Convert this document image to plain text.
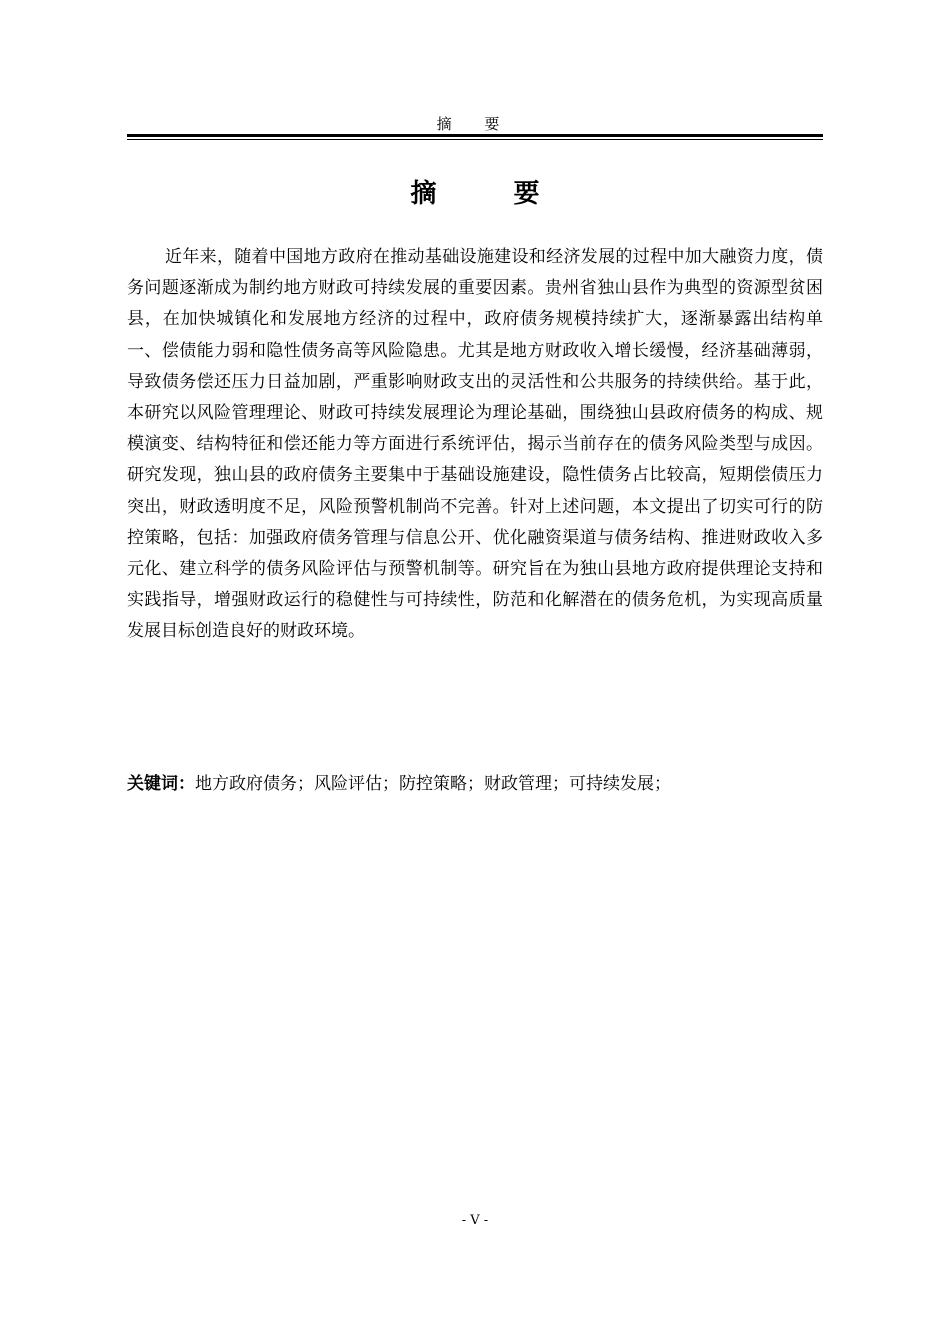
摘 要
摘 要

近年来，随着中国地方政府在推动基础设施建设和经济发展的过程中加大融资力度，债务问题逐渐成为制约地方财政可持续发展的重要因素。贵州省独山县作为典型的资源型贫困县，在加快城镇化和发展地方经济的过程中，政府债务规模持续扩大，逐渐暴露出结构单一、偿债能力弱和隐性债务高等风险隐患。尤其是地方财政收入增长缓慢，经济基础薄弱，导致债务偿还压力日益加剧，严重影响财政支出的灵活性和公共服务的持续供给。基于此，本研究以风险管理理论、财政可持续发展理论为理论基础，围绕独山县政府债务的构成、规模演变、结构特征和偿还能力等方面进行系统评估，揭示当前存在的债务风险类型与成因。研究发现，独山县的政府债务主要集中于基础设施建设，隐性债务占比较高，短期偿债压力突出，财政透明度不足，风险预警机制尚不完善。针对上述问题，本文提出了切实可行的防控策略，包括：加强政府债务管理与信息公开、优化融资渠道与债务结构、推进财政收入多元化、建立科学的债务风险评估与预警机制等。研究旨在为独山县地方政府提供理论支持和实践指导，增强财政运行的稳健性与可持续性，防范和化解潜在的债务危机，为实现高质量发展目标创造良好的财政环境。

关键词：地方政府债务；风险评估；防控策略；财政管理；可持续发展；

- V -
